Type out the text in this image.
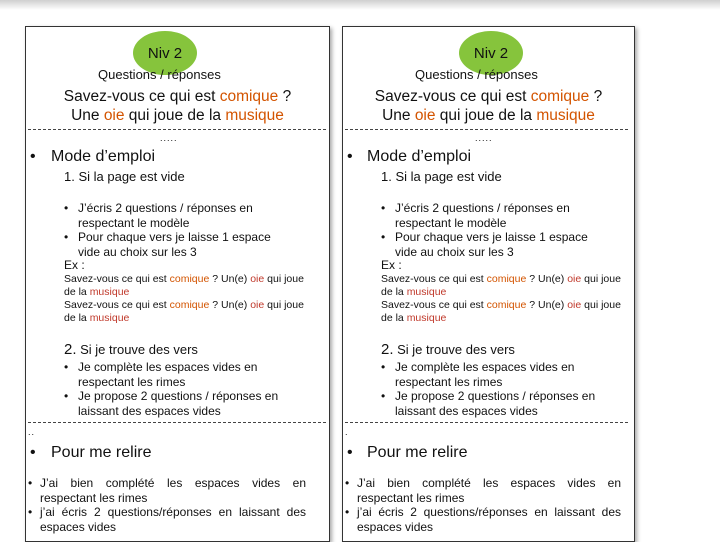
Niv 2
Questions / réponses
Savez-vous ce qui est comique ?
Une oie qui joue de la musique
.....
• Mode d’emploi
1. Si la page est vide
• J’écris 2 questions / réponses en respectant le modèle
• Pour chaque vers je laisse 1 espace vide au choix sur les 3
Ex :
Savez-vous ce qui est comique ? Un(e) oie qui joue de la musique
Savez-vous ce qui est comique ? Un(e) oie qui joue de la musique
2. Si je trouve des vers
• Je complète les espaces vides en respectant les rimes
• Je propose 2 questions / réponses en laissant des espaces vides
..
• Pour me relire
• J’ai bien complété les espaces vides en respectant les rimes
• j’ai écris 2 questions/réponses en laissant des espaces vides
Niv 2
Questions / réponses
Savez-vous ce qui est comique ?
Une oie qui joue de la musique
.....
• Mode d’emploi
1. Si la page est vide
• J’écris 2 questions / réponses en respectant le modèle
• Pour chaque vers je laisse 1 espace vide au choix sur les 3
Ex :
Savez-vous ce qui est comique ? Un(e) oie qui joue de la musique
Savez-vous ce qui est comique ? Un(e) oie qui joue de la musique
2. Si je trouve des vers
• Je complète les espaces vides en respectant les rimes
• Je propose 2 questions / réponses en laissant des espaces vides
.
• Pour me relire
• J’ai bien complété les espaces vides en respectant les rimes
• j’ai écris 2 questions/réponses en laissant des espaces vides
